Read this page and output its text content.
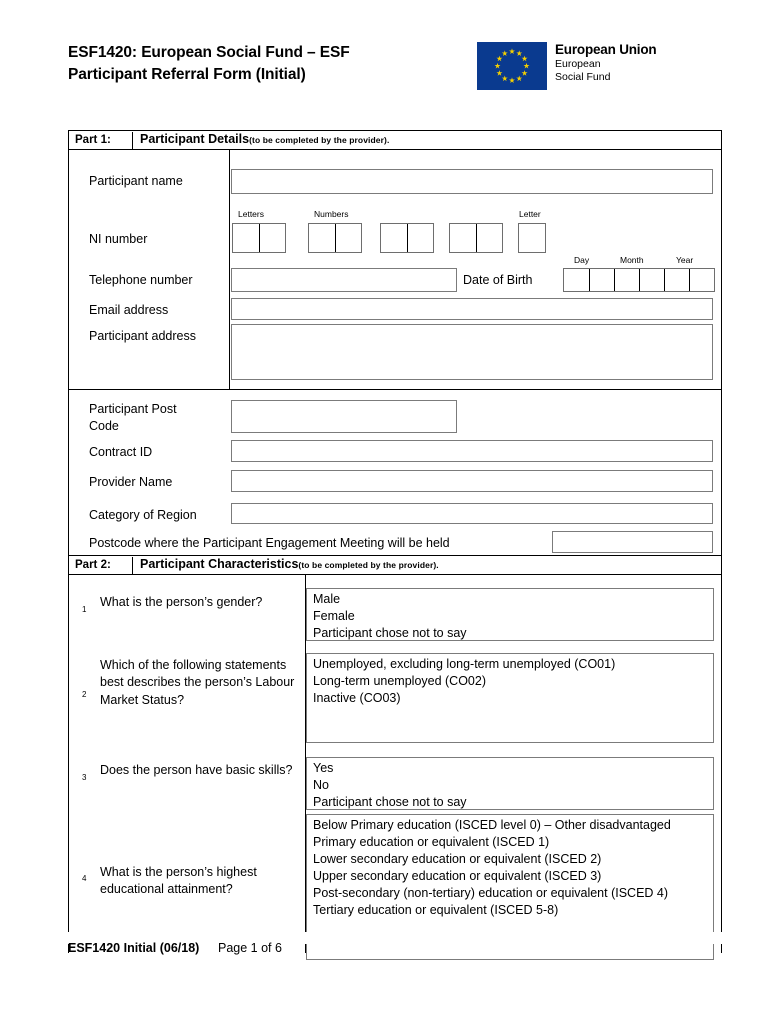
ESF1420: European Social Fund – ESF
Participant Referral Form (Initial)
European Union
European
Social Fund
Part 1:	Participant Details(to be completed by the provider).
Participant name
Letters	Numbers	Letter
NI number
Day	Month	Year
Telephone number	Date of Birth
Email address
Participant address
Participant Post
Code
Contract ID
Provider Name
Category of Region
Postcode where the Participant Engagement Meeting will be held
Part 2:	Participant Characteristics(to be completed by the provider).
1
What is the person’s gender?	Male
Female
Participant chose not to say
2
Which of the following statements best describes the person’s Labour Market Status?
Unemployed, excluding long-term unemployed (CO01)
Long-term unemployed (CO02)
Inactive (CO03)
3
Does the person have basic skills?	Yes
No
Participant chose not to say
4 What is the person’s highest educational attainment?
Below Primary education (ISCED level 0) – Other disadvantaged
Primary education or equivalent (ISCED 1)
Lower secondary education or equivalent (ISCED 2)
Upper secondary education or equivalent (ISCED 3)
Post-secondary (non-tertiary) education or equivalent (ISCED 4)
Tertiary education or equivalent (ISCED 5-8)
ESF1420 Initial (06/18) Page 1 of 6
